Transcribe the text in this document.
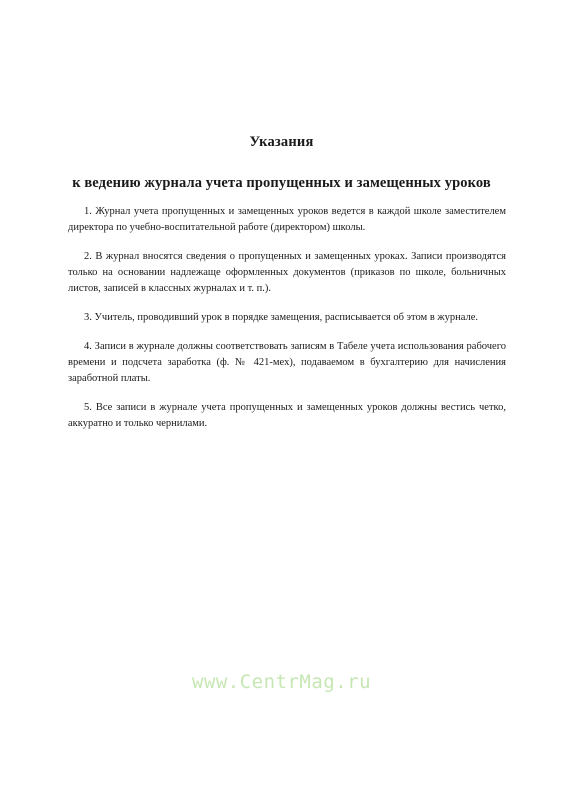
Указания
к ведению журнала учета пропущенных и замещенных уроков

1. Журнал учета пропущенных и замещенных уроков ведется в каждой школе заместителем директора по учебно-воспитательной работе (директором) школы.

2. В журнал вносятся сведения о пропущенных и замещенных уроках. Записи производятся только на основании надлежаще оформленных документов (приказов по школе, больничных листов, записей в классных журналах и т. п.).

3. Учитель, проводивший урок в порядке замещения, расписывается об этом в журнале.

4. Записи в журнале должны соответствовать записям в Табеле учета использования рабочего времени и подсчета заработка (ф. № 421-мех), подаваемом в бухгалтерию для начисления заработной платы.

5. Все записи в журнале учета пропущенных и замещенных уроков должны вестись четко, аккуратно и только чернилами.

www.CentrMag.ru
